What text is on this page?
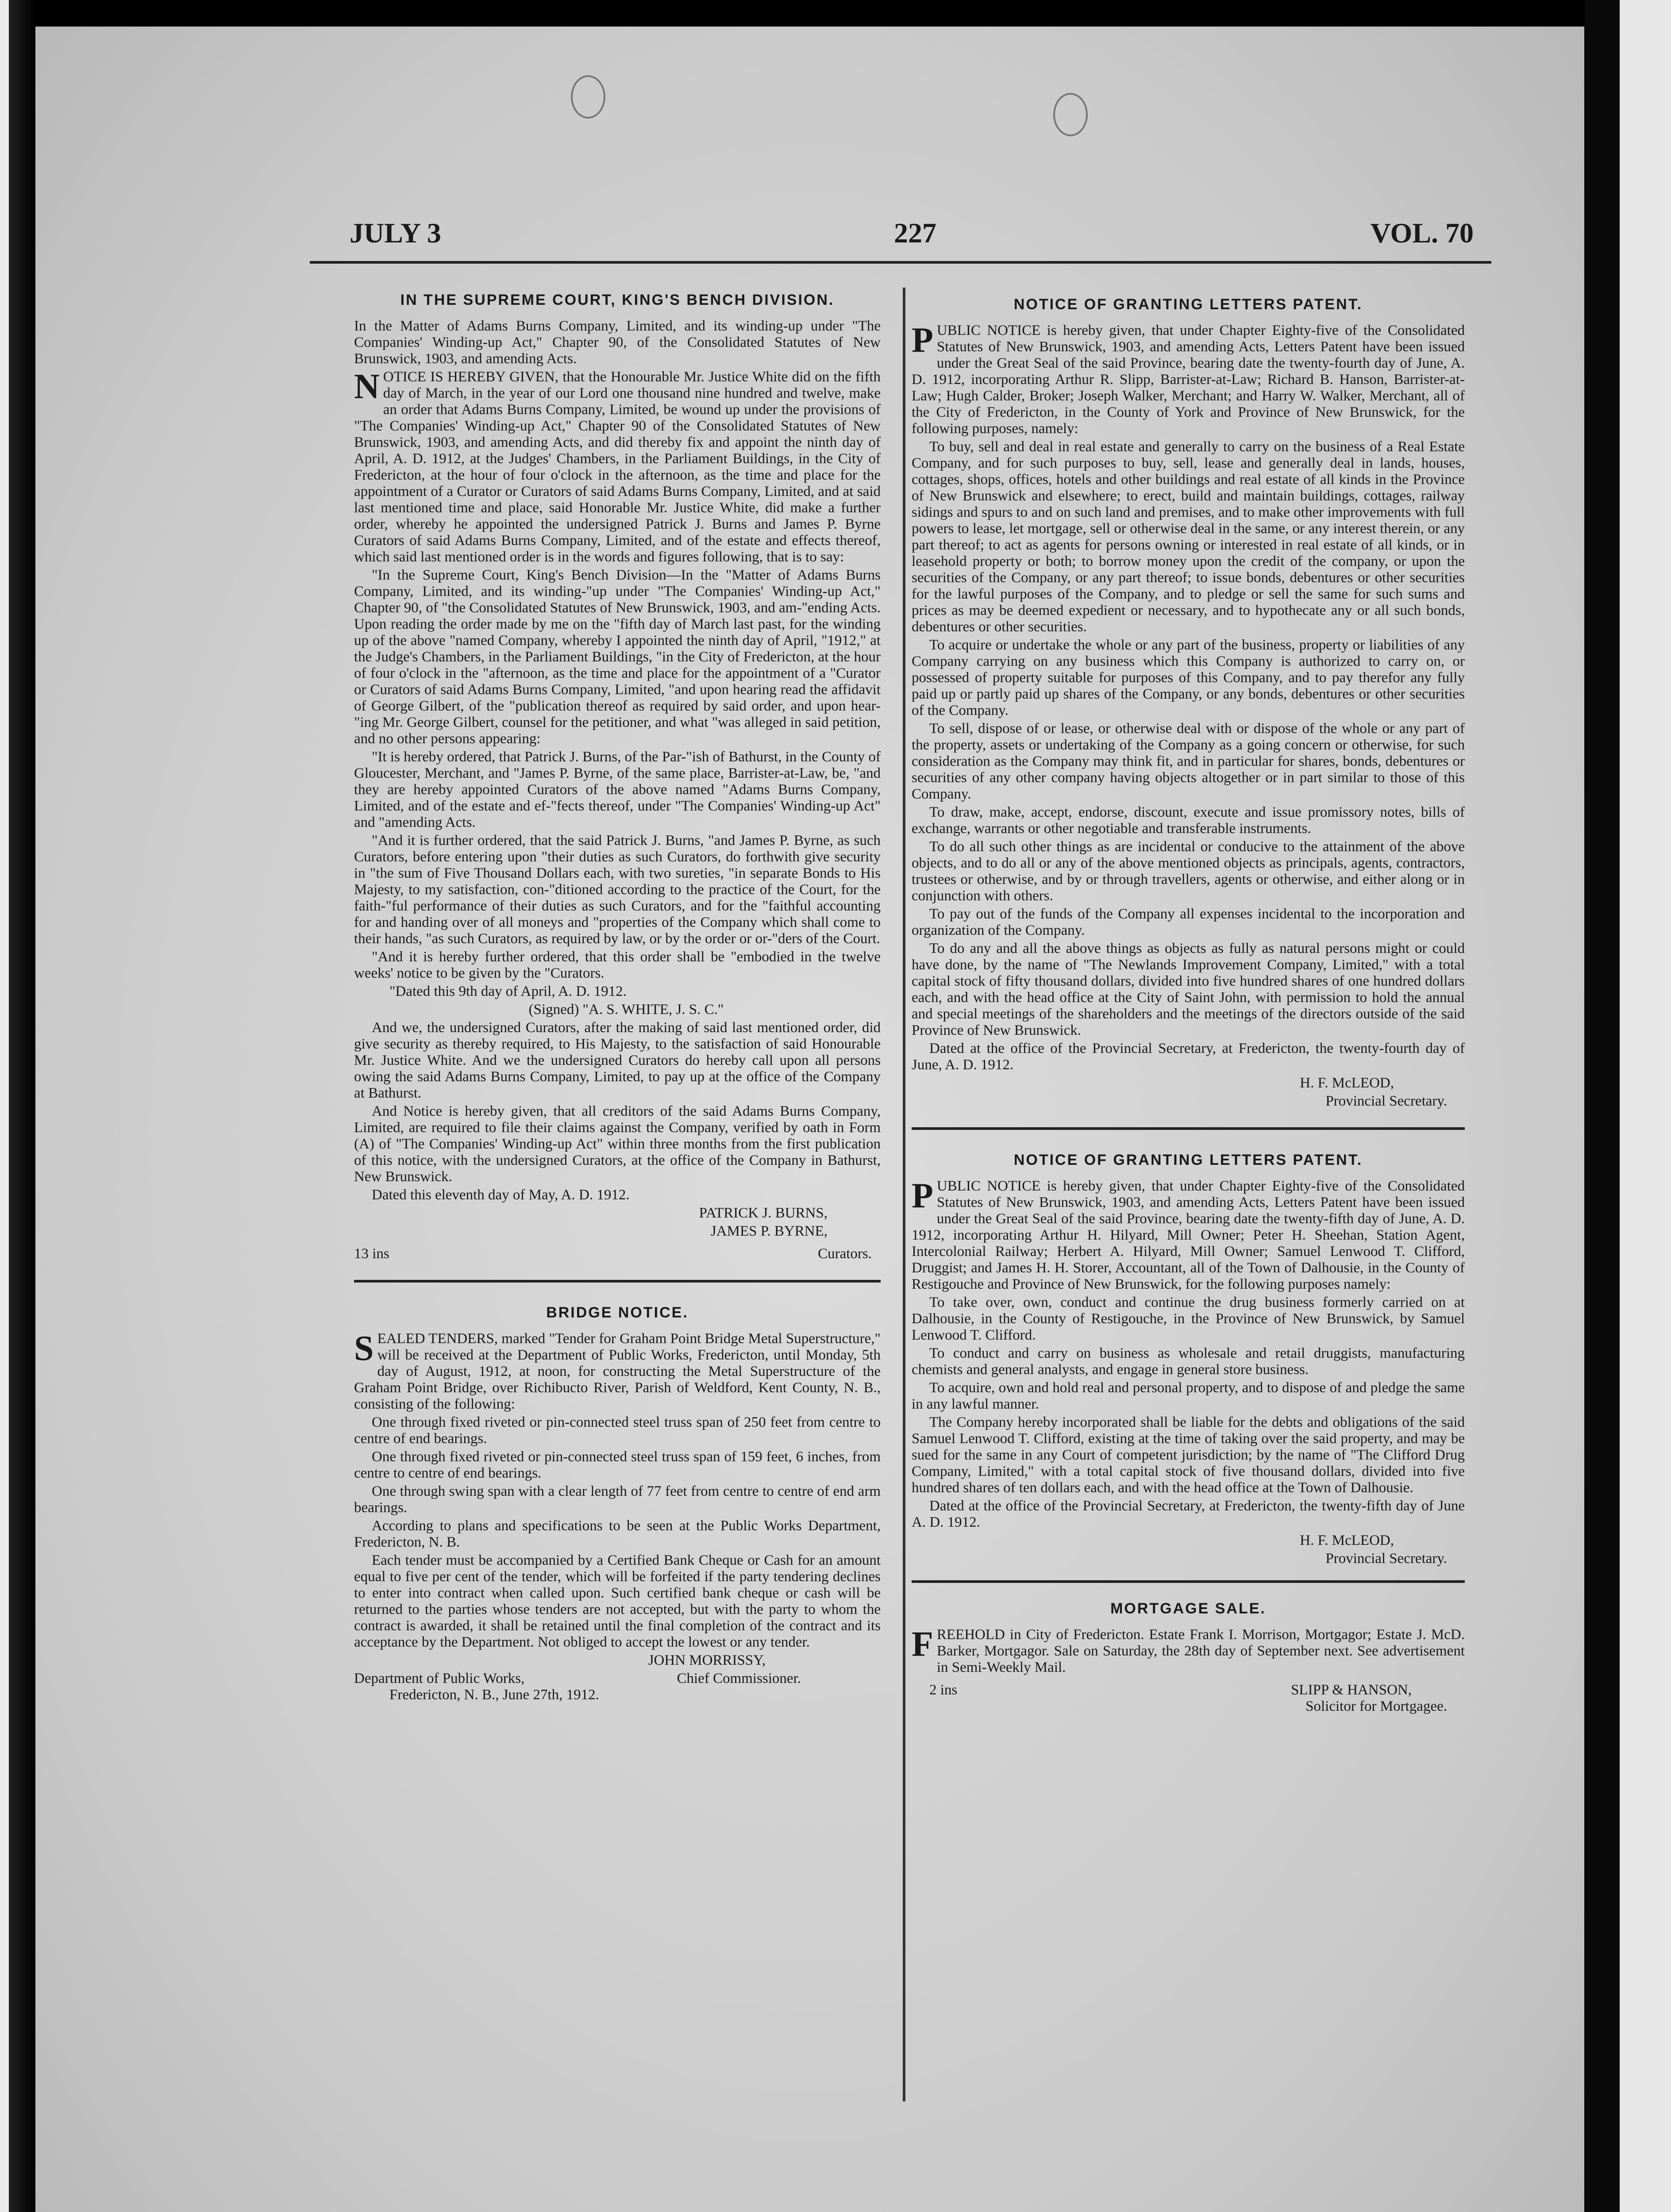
JULY 3	227	VOL. 70
IN THE SUPREME COURT, KING'S BENCH DIVISION.

In the Matter of Adams Burns Company, Limited, and its winding-up under "The Companies' Winding-up Act," Chapter 90, of the Consolidated Statutes of New Brunswick, 1903, and amending Acts.

NOTICE IS HEREBY GIVEN, that the Honourable Mr. Justice White did on the fifth day of March, in the year of our Lord one thousand nine hundred and twelve, make an order that Adams Burns Company, Limited, be wound up under the provisions of "The Companies' Winding-up Act," Chapter 90 of the Consolidated Statutes of New Brunswick, 1903, and amending Acts, and did thereby fix and appoint the ninth day of April, A. D. 1912, at the Judges' Chambers, in the Parliament Buildings, in the City of Fredericton, at the hour of four o'clock in the afternoon, as the time and place for the appointment of a Curator or Curators of said Adams Burns Company, Limited, and at said last mentioned time and place, said Honorable Mr. Justice White, did make a further order, whereby he appointed the undersigned Patrick J. Burns and James P. Byrne Curators of said Adams Burns Company, Limited, and of the estate and effects thereof, which said last mentioned order is in the words and figures following, that is to say:

"In the Supreme Court, King's Bench Division—In the "Matter of Adams Burns Company, Limited, and its winding-"up under "The Companies' Winding-up Act," Chapter 90, of "the Consolidated Statutes of New Brunswick, 1903, and am-"ending Acts. Upon reading the order made by me on the "fifth day of March last past, for the winding up of the above "named Company, whereby I appointed the ninth day of April, "1912," at the Judge's Chambers, in the Parliament Buildings, "in the City of Fredericton, at the hour of four o'clock in the "afternoon, as the time and place for the appointment of a "Curator or Curators of said Adams Burns Company, Limited, "and upon hearing read the affidavit of George Gilbert, of the "publication thereof as required by said order, and upon hear-"ing Mr. George Gilbert, counsel for the petitioner, and what "was alleged in said petition, and no other persons appearing:

"It is hereby ordered, that Patrick J. Burns, of the Par-"ish of Bathurst, in the County of Gloucester, Merchant, and "James P. Byrne, of the same place, Barrister-at-Law, be, "and they are hereby appointed Curators of the above named "Adams Burns Company, Limited, and of the estate and ef-"fects thereof, under "The Companies' Winding-up Act" and "amending Acts.

"And it is further ordered, that the said Patrick J. Burns, "and James P. Byrne, as such Curators, before entering upon "their duties as such Curators, do forthwith give security in "the sum of Five Thousand Dollars each, with two sureties, "in separate Bonds to His Majesty, to my satisfaction, con-"ditioned according to the practice of the Court, for the faith-"ful performance of their duties as such Curators, and for the "faithful accounting for and handing over of all moneys and "properties of the Company which shall come to their hands, "as such Curators, as required by law, or by the order or or-"ders of the Court.

"And it is hereby further ordered, that this order shall be "embodied in the twelve weeks' notice to be given by the "Curators.

"Dated this 9th day of April, A. D. 1912.

(Signed) "A. S. WHITE, J. S. C."

And we, the undersigned Curators, after the making of said last mentioned order, did give security as thereby required, to His Majesty, to the satisfaction of said Honourable Mr. Justice White. And we the undersigned Curators do hereby call upon all persons owing the said Adams Burns Company, Limited, to pay up at the office of the Company at Bathurst.

And Notice is hereby given, that all creditors of the said Adams Burns Company, Limited, are required to file their claims against the Company, verified by oath in Form (A) of "The Companies' Winding-up Act" within three months from the first publication of this notice, with the undersigned Curators, at the office of the Company in Bathurst, New Brunswick.

Dated this eleventh day of May, A. D. 1912.

PATRICK J. BURNS,

JAMES P. BYRNE,

13 ins	Curators.
BRIDGE NOTICE.

SEALED TENDERS, marked "Tender for Graham Point Bridge Metal Superstructure," will be received at the Department of Public Works, Fredericton, until Monday, 5th day of August, 1912, at noon, for constructing the Metal Superstructure of the Graham Point Bridge, over Richibucto River, Parish of Weldford, Kent County, N. B., consisting of the following:

One through fixed riveted or pin-connected steel truss span of 250 feet from centre to centre of end bearings.

One through fixed riveted or pin-connected steel truss span of 159 feet, 6 inches, from centre to centre of end bearings.

One through swing span with a clear length of 77 feet from centre to centre of end arm bearings.

According to plans and specifications to be seen at the Public Works Department, Fredericton, N. B.

Each tender must be accompanied by a Certified Bank Cheque or Cash for an amount equal to five per cent of the tender, which will be forfeited if the party tendering declines to enter into contract when called upon. Such certified bank cheque or cash will be returned to the parties whose tenders are not accepted, but with the party to whom the contract is awarded, it shall be retained until the final completion of the contract and its acceptance by the Department. Not obliged to accept the lowest or any tender.

JOHN MORRISSY,

Department of Public Works,	Chief Commissioner.

Fredericton, N. B., June 27th, 1912.

NOTICE OF GRANTING LETTERS PATENT.

PUBLIC NOTICE is hereby given, that under Chapter Eighty-five of the Consolidated Statutes of New Brunswick, 1903, and amending Acts, Letters Patent have been issued under the Great Seal of the said Province, bearing date the twenty-fourth day of June, A. D. 1912, incorporating Arthur R. Slipp, Barrister-at-Law; Richard B. Hanson, Barrister-at-Law; Hugh Calder, Broker; Joseph Walker, Merchant; and Harry W. Walker, Merchant, all of the City of Fredericton, in the County of York and Province of New Brunswick, for the following purposes, namely:

To buy, sell and deal in real estate and generally to carry on the business of a Real Estate Company, and for such purposes to buy, sell, lease and generally deal in lands, houses, cottages, shops, offices, hotels and other buildings and real estate of all kinds in the Province of New Brunswick and elsewhere; to erect, build and maintain buildings, cottages, railway sidings and spurs to and on such land and premises, and to make other improvements with full powers to lease, let mortgage, sell or otherwise deal in the same, or any interest therein, or any part thereof; to act as agents for persons owning or interested in real estate of all kinds, or in leasehold property or both; to borrow money upon the credit of the company, or upon the securities of the Company, or any part thereof; to issue bonds, debentures or other securities for the lawful purposes of the Company, and to pledge or sell the same for such sums and prices as may be deemed expedient or necessary, and to hypothecate any or all such bonds, debentures or other securities.

To acquire or undertake the whole or any part of the business, property or liabilities of any Company carrying on any business which this Company is authorized to carry on, or possessed of property suitable for purposes of this Company, and to pay therefor any fully paid up or partly paid up shares of the Company, or any bonds, debentures or other securities of the Company.

To sell, dispose of or lease, or otherwise deal with or dispose of the whole or any part of the property, assets or undertaking of the Company as a going concern or otherwise, for such consideration as the Company may think fit, and in particular for shares, bonds, debentures or securities of any other company having objects altogether or in part similar to those of this Company.

To draw, make, accept, endorse, discount, execute and issue promissory notes, bills of exchange, warrants or other negotiable and transferable instruments.

To do all such other things as are incidental or conducive to the attainment of the above objects, and to do all or any of the above mentioned objects as principals, agents, contractors, trustees or otherwise, and by or through travellers, agents or otherwise, and either along or in conjunction with others.

To pay out of the funds of the Company all expenses incidental to the incorporation and organization of the Company.

To do any and all the above things as objects as fully as natural persons might or could have done, by the name of "The Newlands Improvement Company, Limited," with a total capital stock of fifty thousand dollars, divided into five hundred shares of one hundred dollars each, and with the head office at the City of Saint John, with permission to hold the annual and special meetings of the shareholders and the meetings of the directors outside of the said Province of New Brunswick.

Dated at the office of the Provincial Secretary, at Fredericton, the twenty-fourth day of June, A. D. 1912.

H. F. McLEOD,

Provincial Secretary.

NOTICE OF GRANTING LETTERS PATENT.

PUBLIC NOTICE is hereby given, that under Chapter Eighty-five of the Consolidated Statutes of New Brunswick, 1903, and amending Acts, Letters Patent have been issued under the Great Seal of the said Province, bearing date the twenty-fifth day of June, A. D. 1912, incorporating Arthur H. Hilyard, Mill Owner; Peter H. Sheehan, Station Agent, Intercolonial Railway; Herbert A. Hilyard, Mill Owner; Samuel Lenwood T. Clifford, Druggist; and James H. H. Storer, Accountant, all of the Town of Dalhousie, in the County of Restigouche and Province of New Brunswick, for the following purposes namely:

To take over, own, conduct and continue the drug business formerly carried on at Dalhousie, in the County of Restigouche, in the Province of New Brunswick, by Samuel Lenwood T. Clifford.

To conduct and carry on business as wholesale and retail druggists, manufacturing chemists and general analysts, and engage in general store business.

To acquire, own and hold real and personal property, and to dispose of and pledge the same in any lawful manner.

The Company hereby incorporated shall be liable for the debts and obligations of the said Samuel Lenwood T. Clifford, existing at the time of taking over the said property, and may be sued for the same in any Court of competent jurisdiction; by the name of "The Clifford Drug Company, Limited," with a total capital stock of five thousand dollars, divided into five hundred shares of ten dollars each, and with the head office at the Town of Dalhousie.

Dated at the office of the Provincial Secretary, at Fredericton, the twenty-fifth day of June A. D. 1912.

H. F. McLEOD,

Provincial Secretary.

MORTGAGE SALE.

FREEHOLD in City of Fredericton. Estate Frank I. Morrison, Mortgagor; Estate J. McD. Barker, Mortgagor. Sale on Saturday, the 28th day of September next. See advertisement in Semi-Weekly Mail.

2 ins	SLIPP & HANSON,

Solicitor for Mortgagee.
